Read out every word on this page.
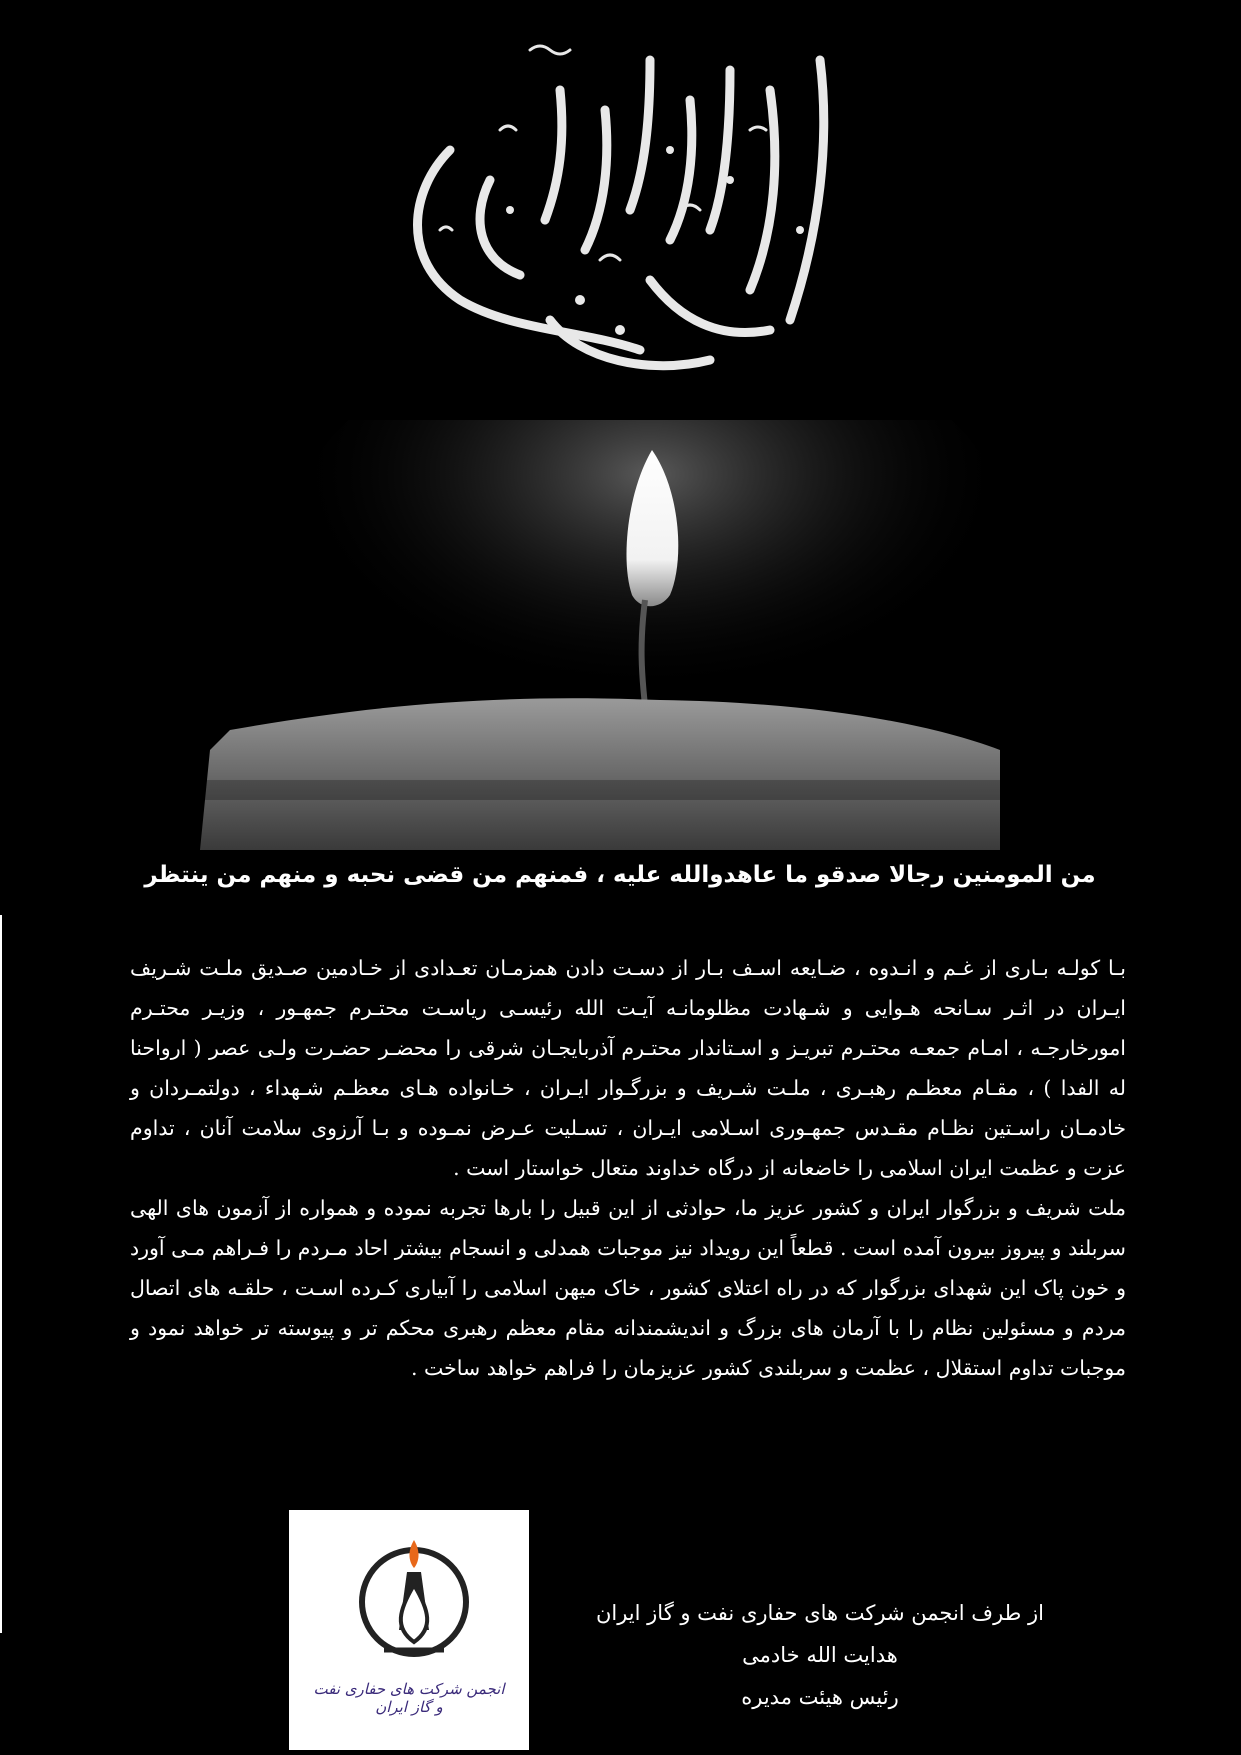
من المومنین رجالا صدقو ما عاهدوالله علیه ، فمنهم من قضی نحبه و منهم من ینتظر

بـا کولـه بـاری از غـم و انـدوه ، ضـایعه اسـف بـار از دسـت دادن همزمـان تعـدادی از خـادمین صـدیق ملـت شـریف ایـران در اثـر سـانحه هـوایی و شـهادت مظلومانـه آیـت الله رئیسـی ریاسـت محتـرم جمهـور ، وزیـر محتـرم امورخارجـه ، امـام جمعـه محتـرم تبریـز و اسـتاندار محتـرم آذربایجـان شرقی را محضـر حضـرت ولـی عصر ( ارواحنا له الفدا ) ، مقـام معظـم رهبـری ، ملـت شـریف و بزرگـوار ایـران ، خـانواده هـای معظـم شـهداء ، دولتمـردان و خادمـان راسـتین نظـام مقـدس جمهـوری اسـلامی ایـران ، تسـلیت عـرض نمـوده و بـا آرزوی سلامت آنان ، تداوم عزت و عظمت ایران اسلامی را خاضعانه از درگاه خداوند متعال خواستار است .

ملت شریف و بزرگوار ایران و کشور عزیز ما، حوادثی از این قبیل را بارها تجربه نموده و همواره از آزمون های الهی سربلند و پیروز بیرون آمده است . قطعاً این رویداد نیز موجبات همدلی و انسجام بیشتر احاد مـردم را فـراهم مـی آورد و خون پاک این شهدای بزرگوار که در راه اعتلای کشور ، خاک میهن اسلامی را آبیاری کـرده اسـت ، حلقـه های اتصال مردم و مسئولین نظام را با آرمان های بزرگ و اندیشمندانه مقام معظم رهبری محکم تر و پیوسته تر خواهد نمود و موجبات تداوم استقلال ، عظمت و سربلندی کشور عزیزمان را فراهم خواهد ساخت .

انجمن شرکت های حفاری نفت و گاز ایران
از طرف انجمن شرکت های حفاری نفت و گاز ایران
هدایت الله خادمی
رئیس هیئت مدیره
